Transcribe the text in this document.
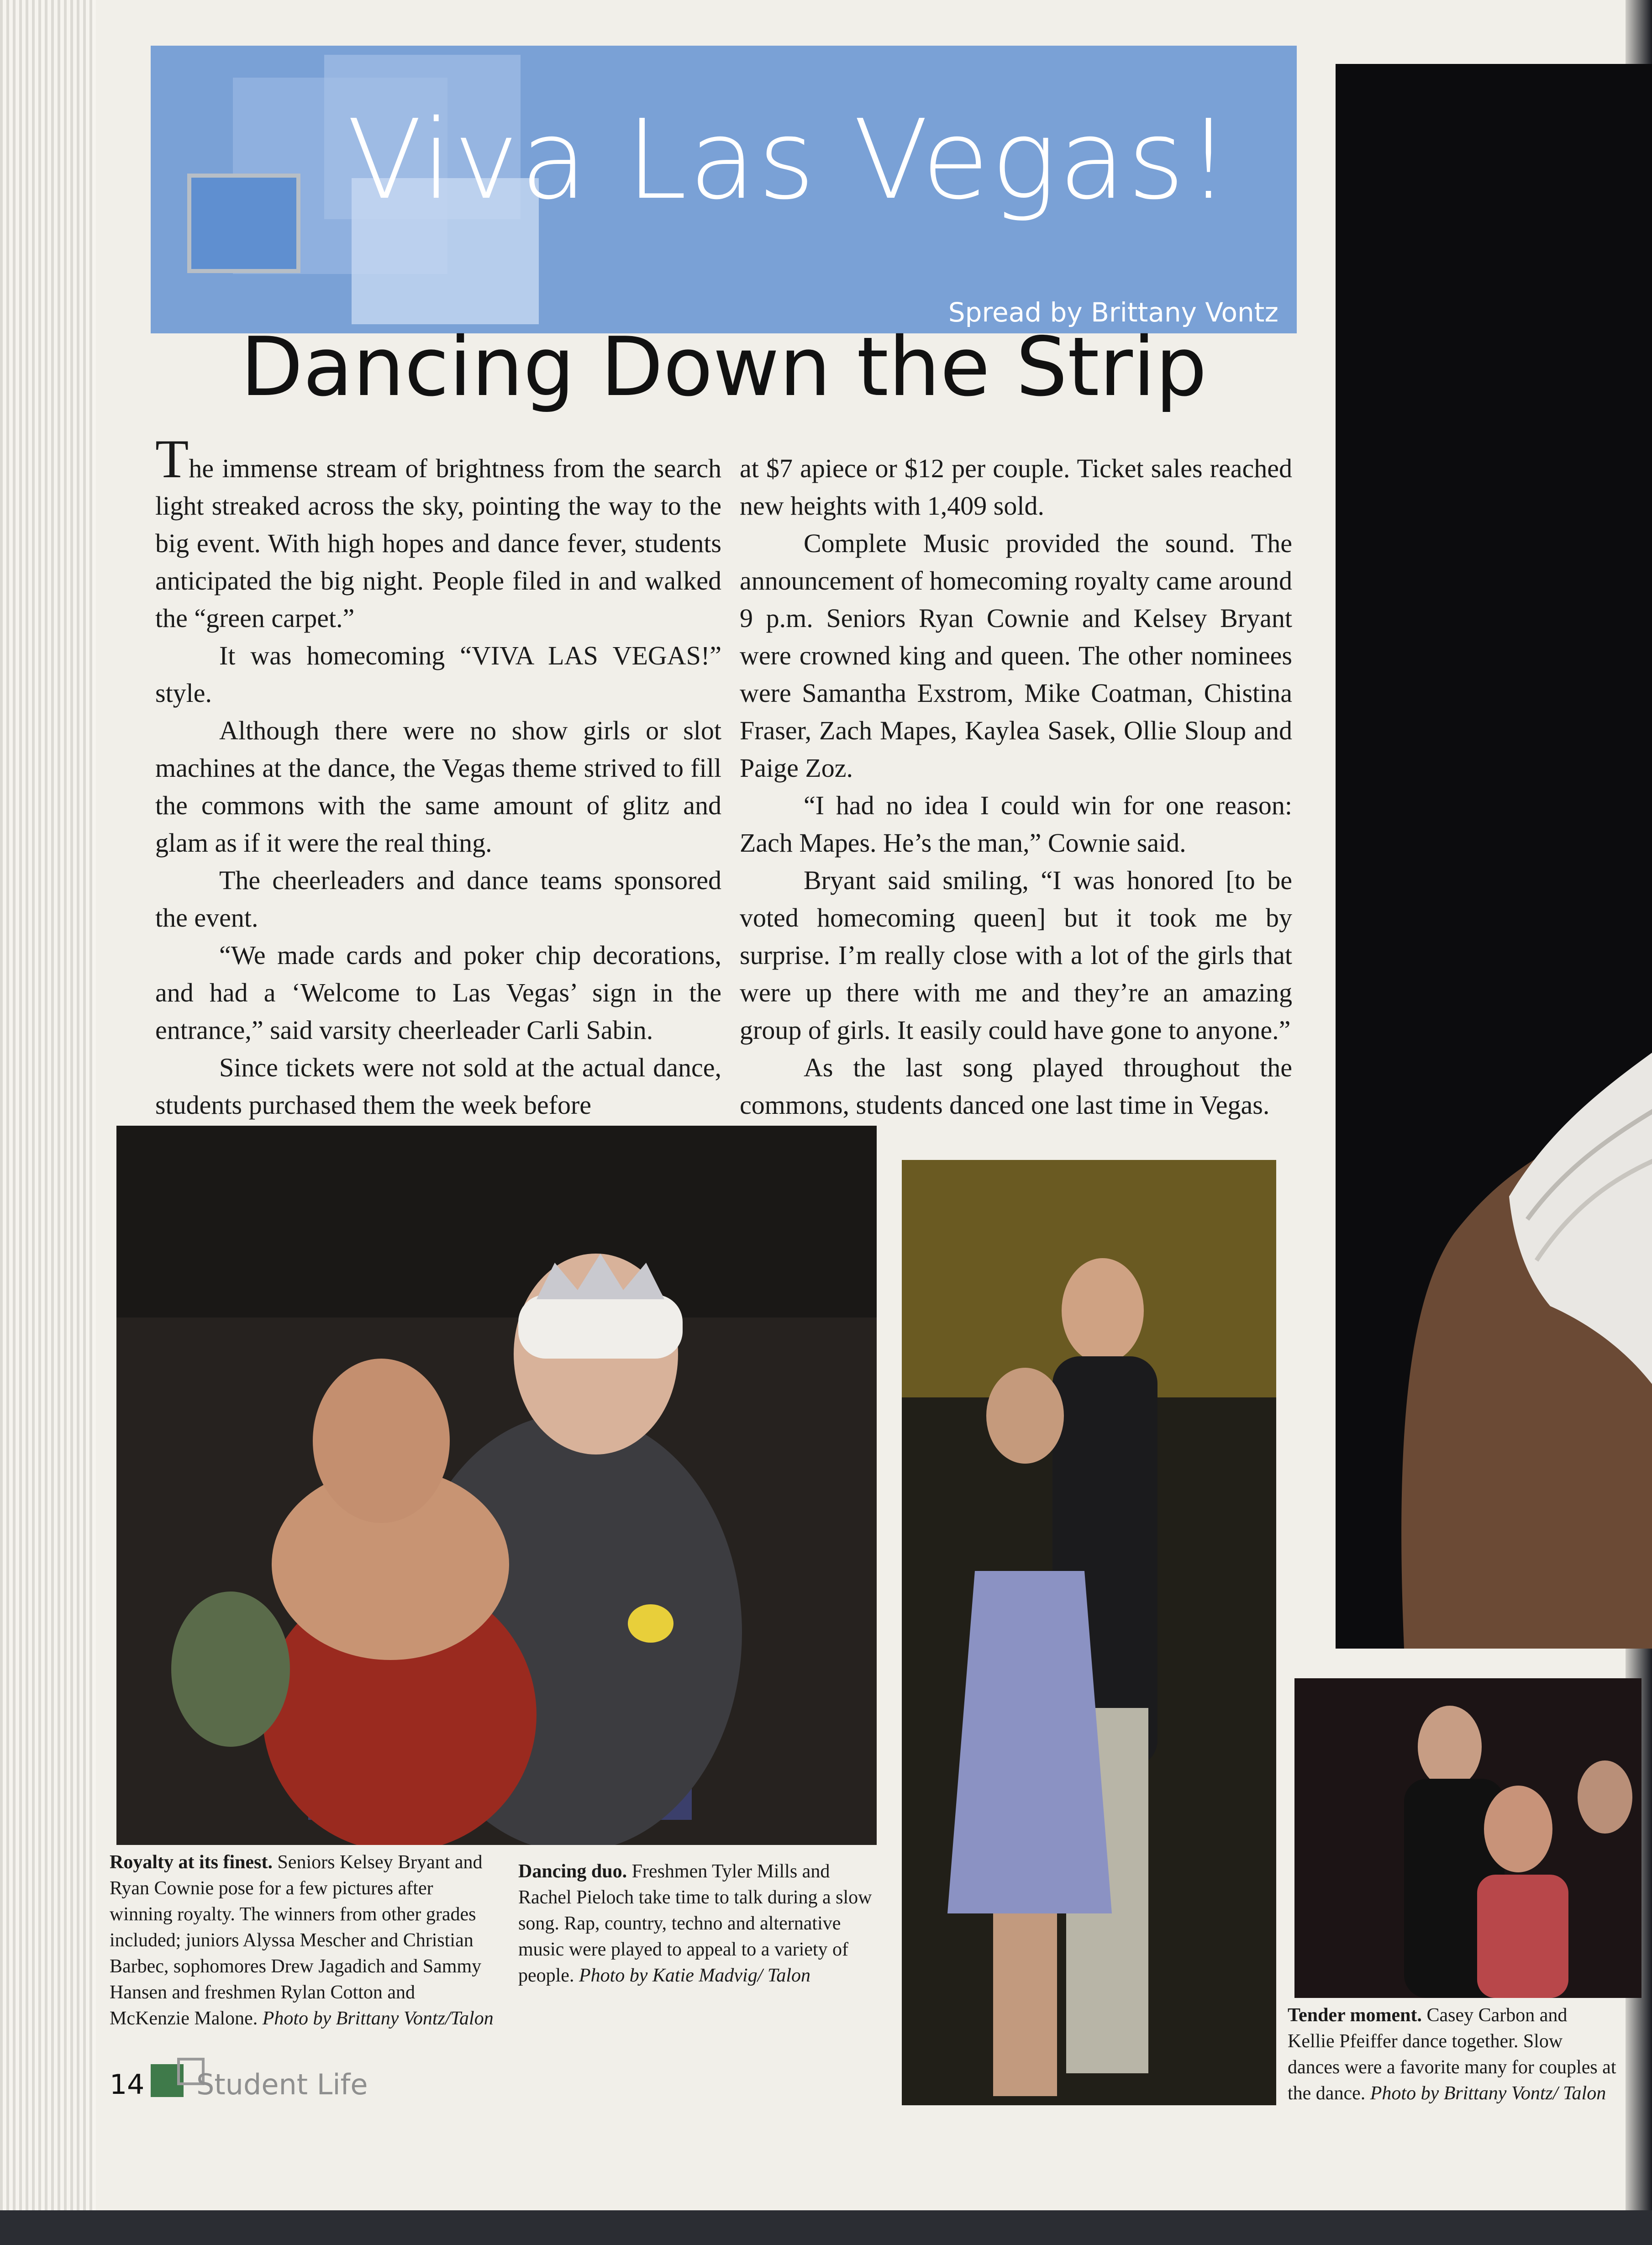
Viva Las Vegas!
Spread by Brittany Vontz
Dancing Down the Strip

The immense stream of brightness from the search light streaked across the sky, pointing the way to the big event. With high hopes and dance fever, students anticipated the big night. People filed in and walked the “green carpet.”

It was homecoming “VIVA LAS VEGAS!” style.

Although there were no show girls or slot machines at the dance, the Vegas theme strived to fill the commons with the same amount of glitz and glam as if it were the real thing.

The cheerleaders and dance teams sponsored the event.

“We made cards and poker chip decorations, and had a ‘Welcome to Las Vegas’ sign in the entrance,” said varsity cheerleader Carli Sabin.

Since tickets were not sold at the actual dance, students purchased them the week before

at $7 apiece or $12 per couple. Ticket sales reached new heights with 1,409 sold.

Complete Music provided the sound. The announcement of homecoming royalty came around 9 p.m. Seniors Ryan Cownie and Kelsey Bryant were crowned king and queen. The other nominees were Samantha Exstrom, Mike Coatman, Chistina Fraser, Zach Mapes, Kaylea Sasek, Ollie Sloup and Paige Zoz.

“I had no idea I could win for one reason: Zach Mapes. He’s the man,” Cownie said.

Bryant said smiling, “I was honored [to be voted homecoming queen] but it took me by surprise. I’m really close with a lot of the girls that were up there with me and they’re an amazing group of girls. It easily could have gone to anyone.”

As the last song played throughout the commons, students danced one last time in Vegas.

Royalty at its finest. Seniors Kelsey Bryant and Ryan Cownie pose for a few pictures after winning royalty. The winners from other grades included; juniors Alyssa Mescher and Christian Barbec, sophomores Drew Jagadich and Sammy Hansen and freshmen Rylan Cotton and McKenzie Malone. Photo by Brittany Vontz/Talon
Dancing duo. Freshmen Tyler Mills and Rachel Pieloch take time to talk during a slow song. Rap, country, techno and alternative music were played to appeal to a variety of people. Photo by Katie Madvig/ Talon
Tender moment. Casey Carbon and Kellie Pfeiffer dance together. Slow dances were a favorite many for couples at the dance. Photo by Brittany Vontz/ Talon
14 Student Life
